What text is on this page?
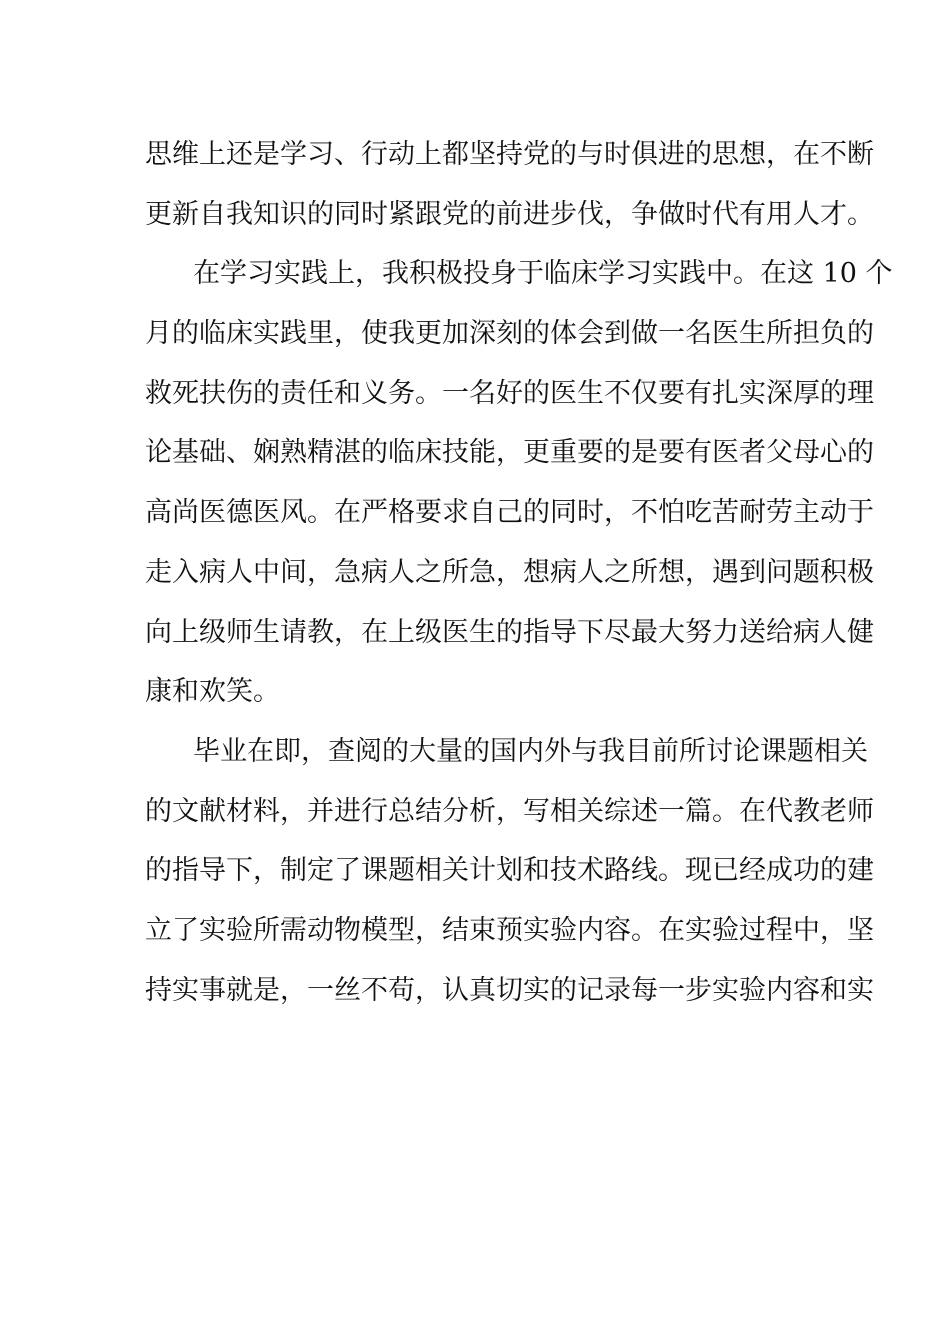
思维上还是学习、行动上都坚持党的与时俱进的思想，在不断
更新自我知识的同时紧跟党的前进步伐，争做时代有用人才。
在学习实践上，我积极投身于临床学习实践中。在这 10 个
月的临床实践里，使我更加深刻的体会到做一名医生所担负的
救死扶伤的责任和义务。一名好的医生不仅要有扎实深厚的理
论基础、娴熟精湛的临床技能，更重要的是要有医者父母心的
高尚医德医风。在严格要求自己的同时，不怕吃苦耐劳主动于
走入病人中间，急病人之所急，想病人之所想，遇到问题积极
向上级师生请教，在上级医生的指导下尽最大努力送给病人健
康和欢笑。
毕业在即，查阅的大量的国内外与我目前所讨论课题相关
的文献材料，并进行总结分析，写相关综述一篇。在代教老师
的指导下，制定了课题相关计划和技术路线。现已经成功的建
立了实验所需动物模型，结束预实验内容。在实验过程中，坚
持实事就是，一丝不苟，认真切实的记录每一步实验内容和实
